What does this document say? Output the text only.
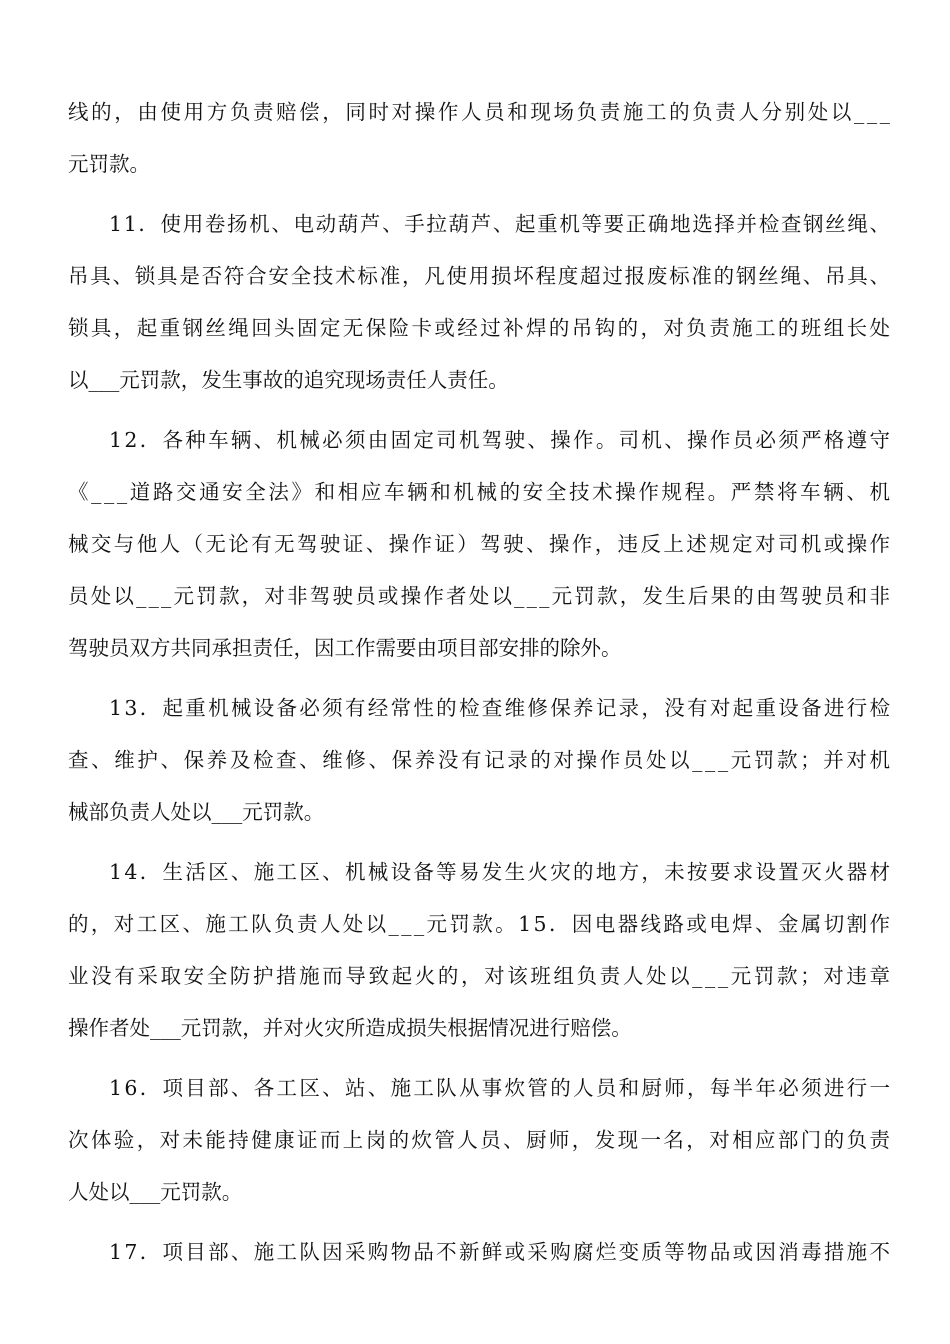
线的，由使用方负责赔偿，同时对操作人员和现场负责施工的负责人分别处以___
元罚款。
11．使用卷扬机、电动葫芦、手拉葫芦、起重机等要正确地选择并检查钢丝绳、
吊具、锁具是否符合安全技术标准，凡使用损坏程度超过报废标准的钢丝绳、吊具、
锁具，起重钢丝绳回头固定无保险卡或经过补焊的吊钩的，对负责施工的班组长处
以___元罚款，发生事故的追究现场责任人责任。
12．各种车辆、机械必须由固定司机驾驶、操作。司机、操作员必须严格遵守
《___道路交通安全法》和相应车辆和机械的安全技术操作规程。严禁将车辆、机
械交与他人（无论有无驾驶证、操作证）驾驶、操作，违反上述规定对司机或操作
员处以___元罚款，对非驾驶员或操作者处以___元罚款，发生后果的由驾驶员和非
驾驶员双方共同承担责任，因工作需要由项目部安排的除外。
13．起重机械设备必须有经常性的检查维修保养记录，没有对起重设备进行检
查、维护、保养及检查、维修、保养没有记录的对操作员处以___元罚款；并对机
械部负责人处以___元罚款。
14．生活区、施工区、机械设备等易发生火灾的地方，未按要求设置灭火器材
的，对工区、施工队负责人处以___元罚款。15．因电器线路或电焊、金属切割作
业没有采取安全防护措施而导致起火的，对该班组负责人处以___元罚款；对违章
操作者处___元罚款，并对火灾所造成损失根据情况进行赔偿。
16．项目部、各工区、站、施工队从事炊管的人员和厨师，每半年必须进行一
次体验，对未能持健康证而上岗的炊管人员、厨师，发现一名，对相应部门的负责
人处以___元罚款。
17．项目部、施工队因采购物品不新鲜或采购腐烂变质等物品或因消毒措施不
